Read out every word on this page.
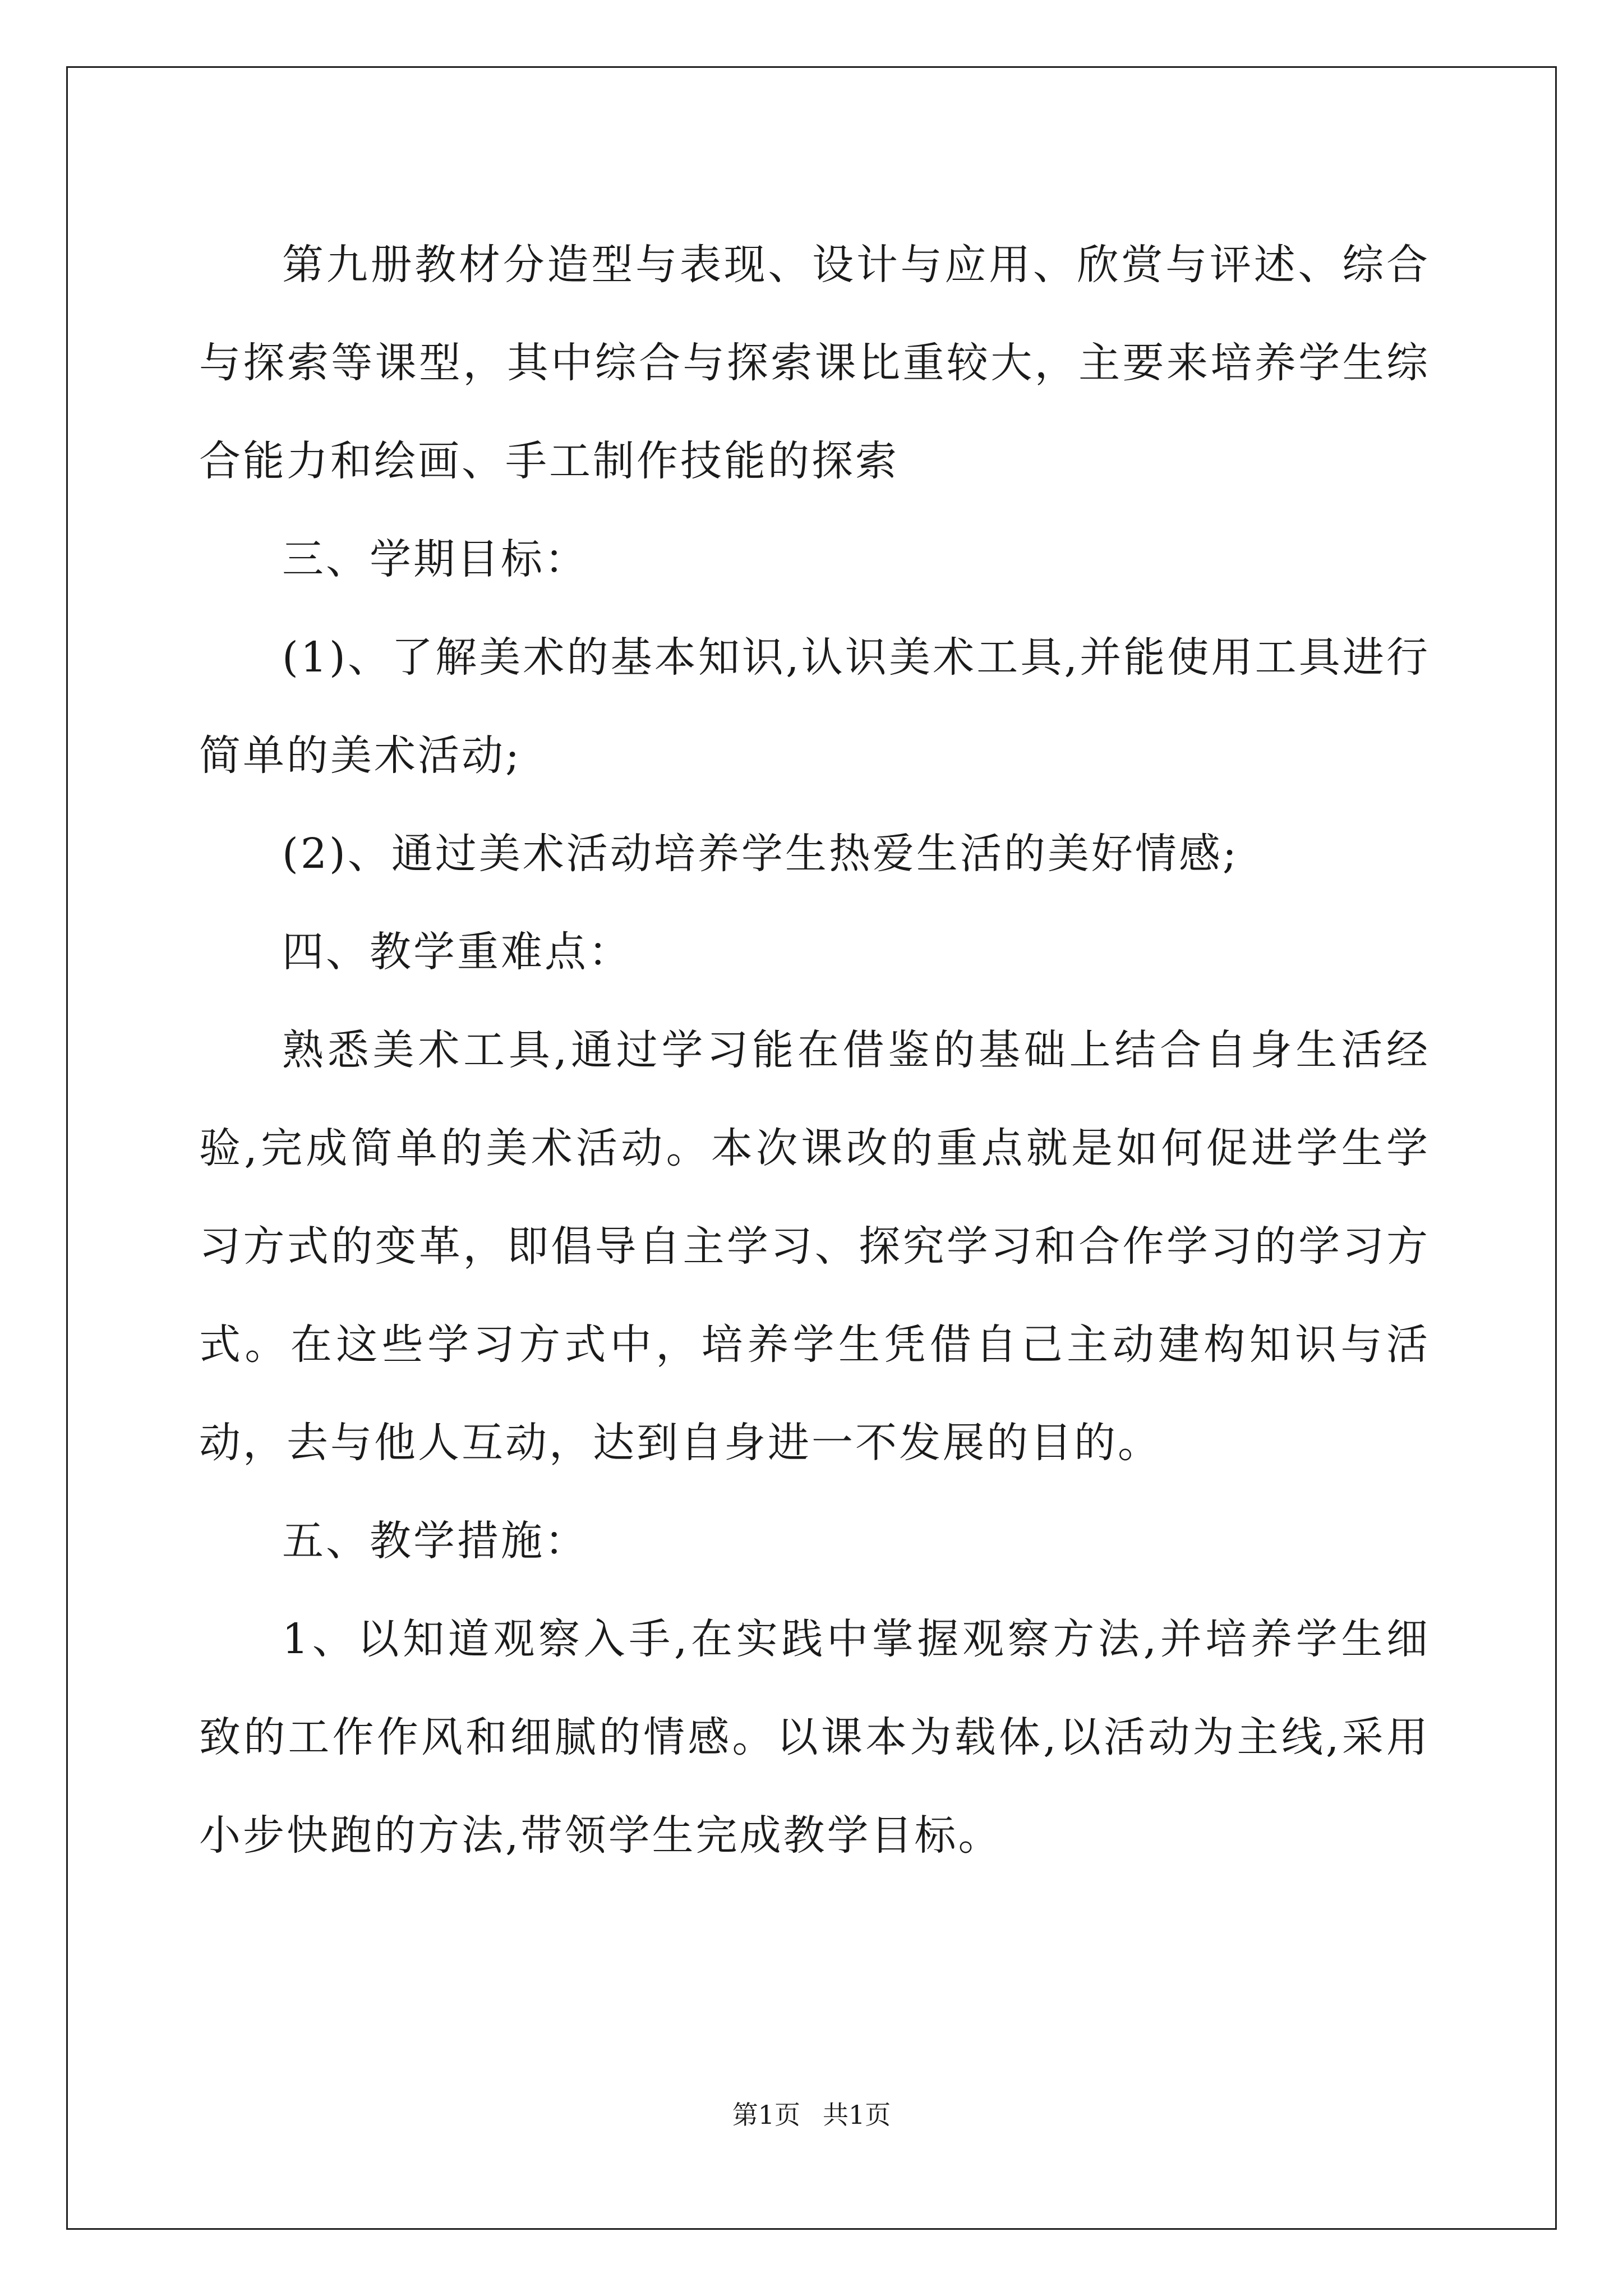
第九册教材分造型与表现、设计与应用、欣赏与评述、综合与探索等课型，其中综合与探索课比重较大，主要来培养学生综合能力和绘画、手工制作技能的探索

三、学期目标：

(1)、了解美术的基本知识,认识美术工具,并能使用工具进行简单的美术活动;

(2)、通过美术活动培养学生热爱生活的美好情感;

四、教学重难点：

熟悉美术工具,通过学习能在借鉴的基础上结合自身生活经验,完成简单的美术活动。本次课改的重点就是如何促进学生学习方式的变革，即倡导自主学习、探究学习和合作学习的学习方式。在这些学习方式中，培养学生凭借自己主动建构知识与活动，去与他人互动，达到自身进一不发展的目的。

五、教学措施：

1、以知道观察入手,在实践中掌握观察方法,并培养学生细致的工作作风和细腻的情感。以课本为载体,以活动为主线,采用小步快跑的方法,带领学生完成教学目标。

第1页 共1页
